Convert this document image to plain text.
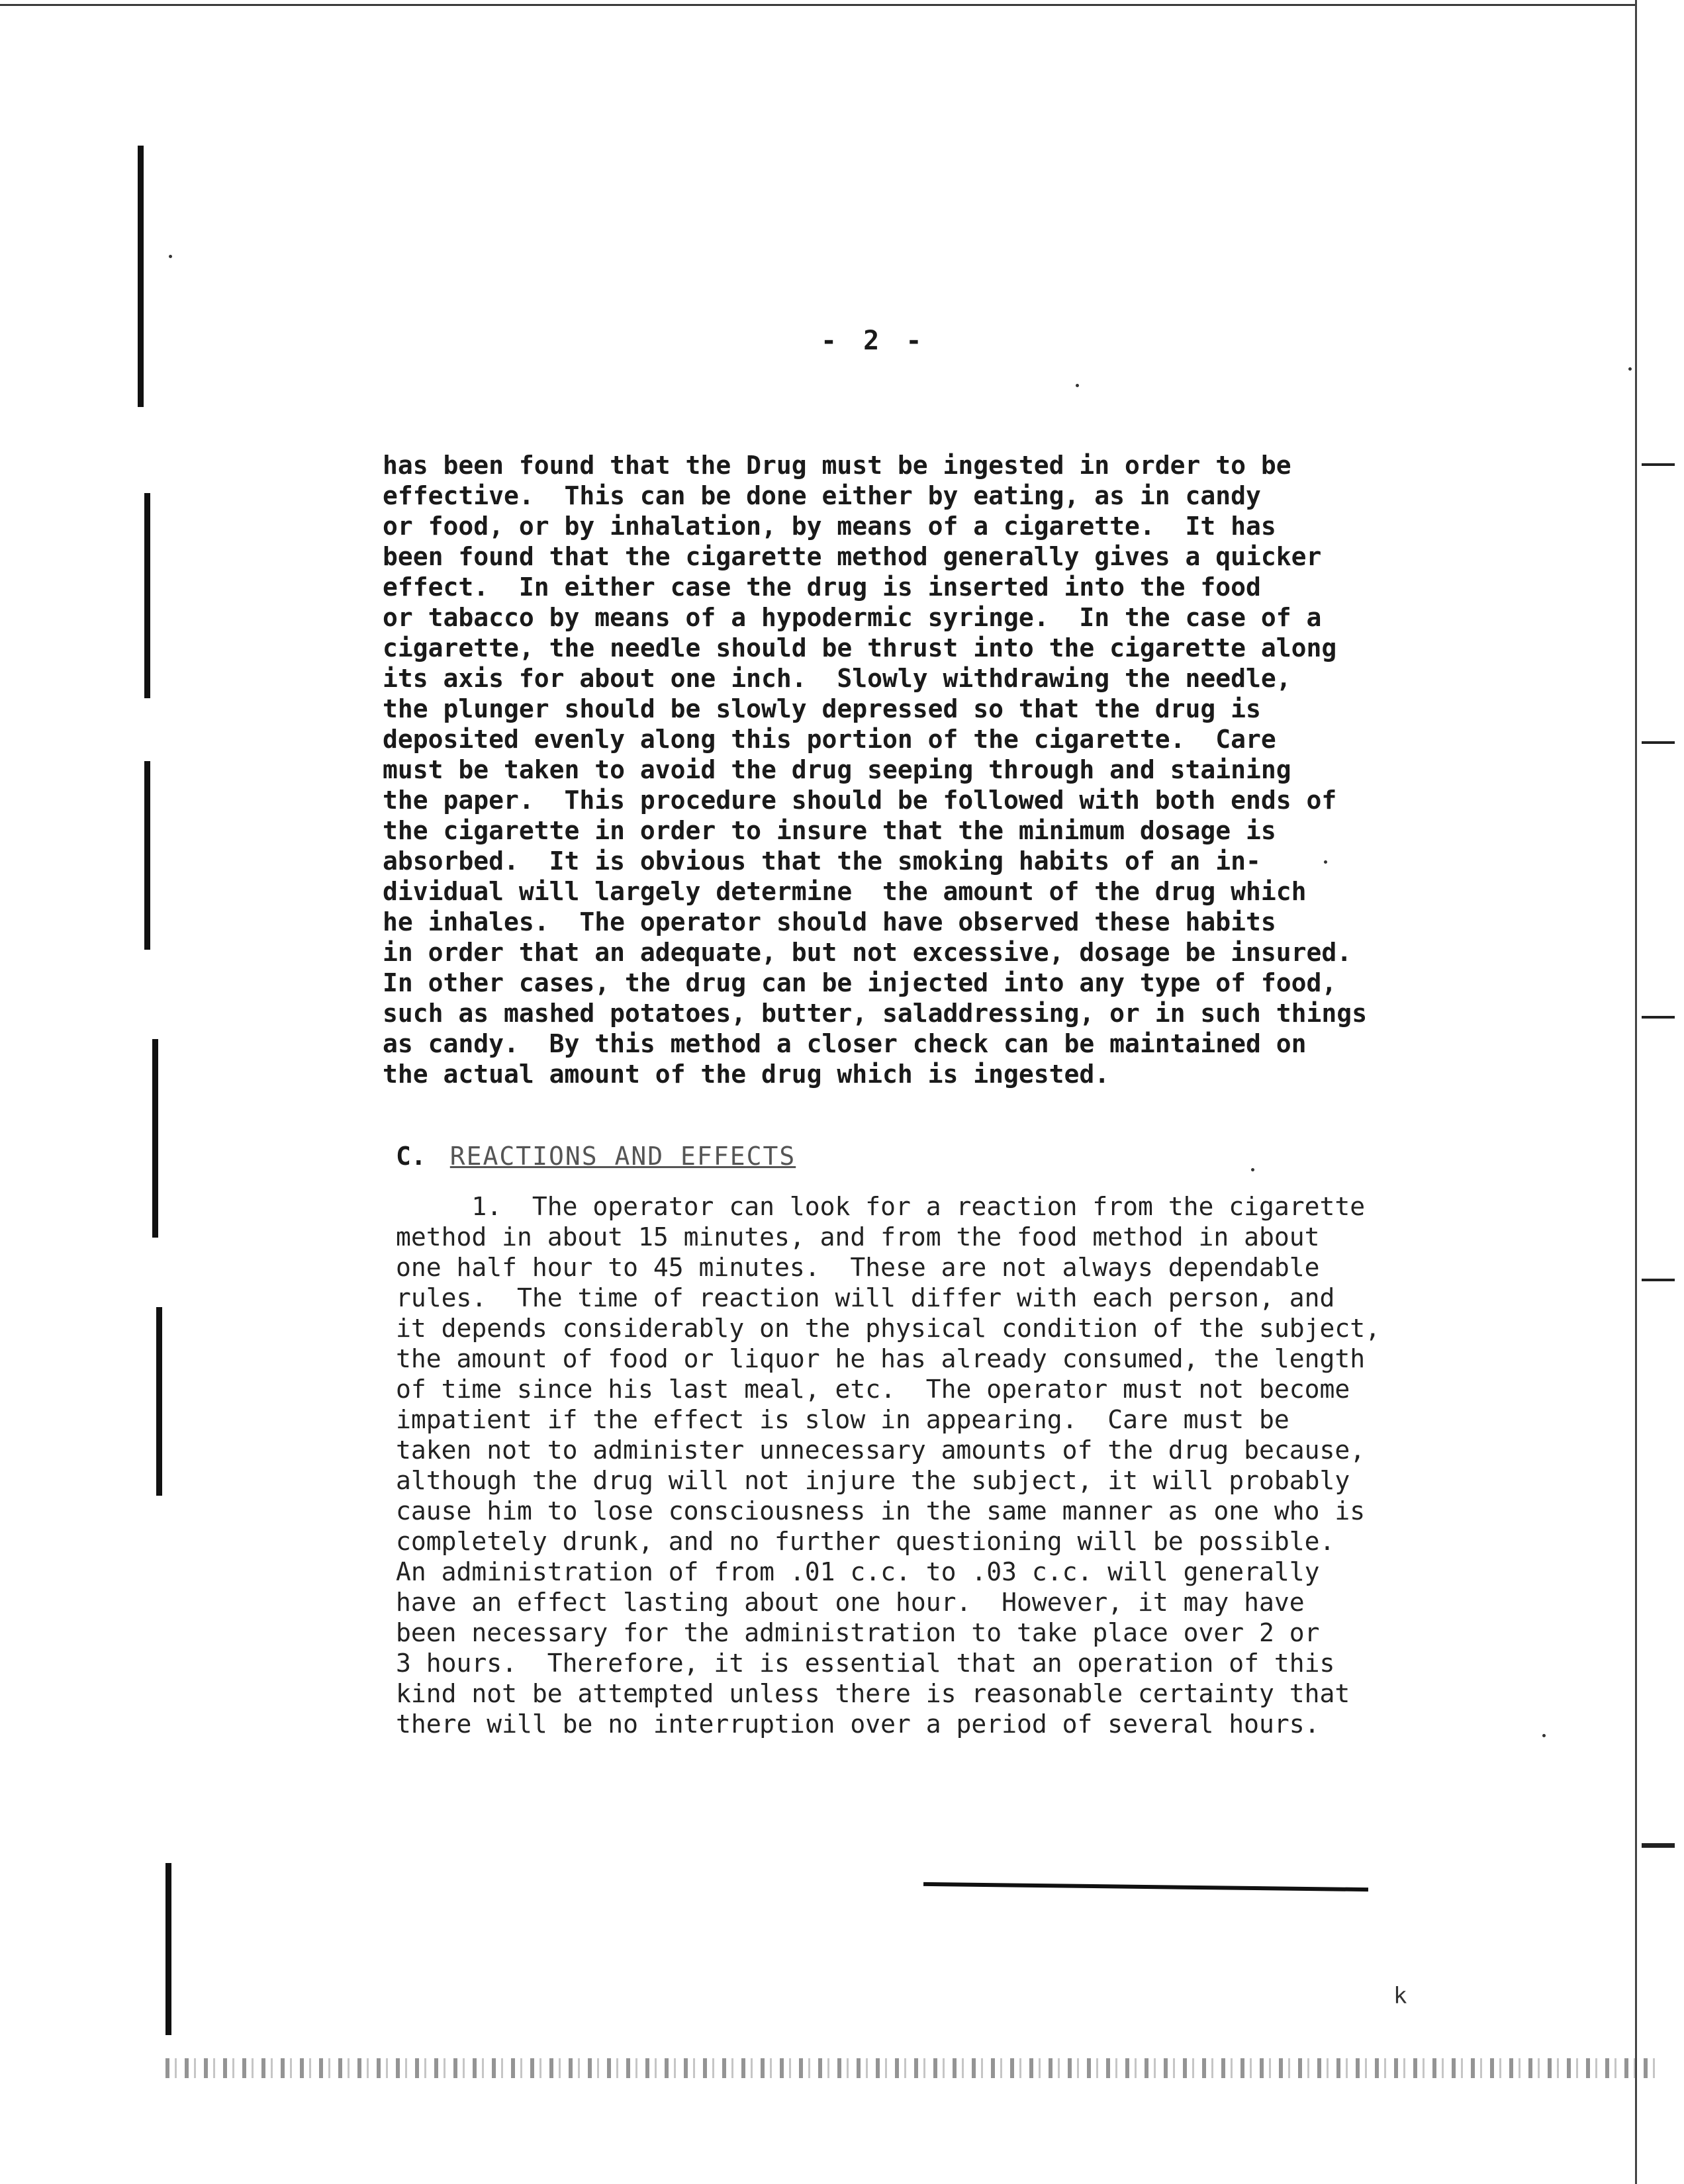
- 2 -
has been found that the Drug must be ingested in order to be
effective.  This can be done either by eating, as in candy
or food, or by inhalation, by means of a cigarette.  It has
been found that the cigarette method generally gives a quicker
effect.  In either case the drug is inserted into the food
or tabacco by means of a hypodermic syringe.  In the case of a
cigarette, the needle should be thrust into the cigarette along
its axis for about one inch.  Slowly withdrawing the needle,
the plunger should be slowly depressed so that the drug is
deposited evenly along this portion of the cigarette.  Care
must be taken to avoid the drug seeping through and staining
the paper.  This procedure should be followed with both ends of
the cigarette in order to insure that the minimum dosage is
absorbed.  It is obvious that the smoking habits of an in-
dividual will largely determine  the amount of the drug which
he inhales.  The operator should have observed these habits
in order that an adequate, but not excessive, dosage be insured.
In other cases, the drug can be injected into any type of food,
such as mashed potatoes, butter, saladdressing, or in such things
as candy.  By this method a closer check can be maintained on
the actual amount of the drug which is ingested.
C. REACTIONS AND EFFECTS
1.  The operator can look for a reaction from the cigarette
method in about 15 minutes, and from the food method in about
one half hour to 45 minutes.  These are not always dependable
rules.  The time of reaction will differ with each person, and
it depends considerably on the physical condition of the subject,
the amount of food or liquor he has already consumed, the length
of time since his last meal, etc.  The operator must not become
impatient if the effect is slow in appearing.  Care must be
taken not to administer unnecessary amounts of the drug because,
although the drug will not injure the subject, it will probably
cause him to lose consciousness in the same manner as one who is
completely drunk, and no further questioning will be possible.
An administration of from .01 c.c. to .03 c.c. will generally
have an effect lasting about one hour.  However, it may have
been necessary for the administration to take place over 2 or
3 hours.  Therefore, it is essential that an operation of this
kind not be attempted unless there is reasonable certainty that
there will be no interruption over a period of several hours.
k
